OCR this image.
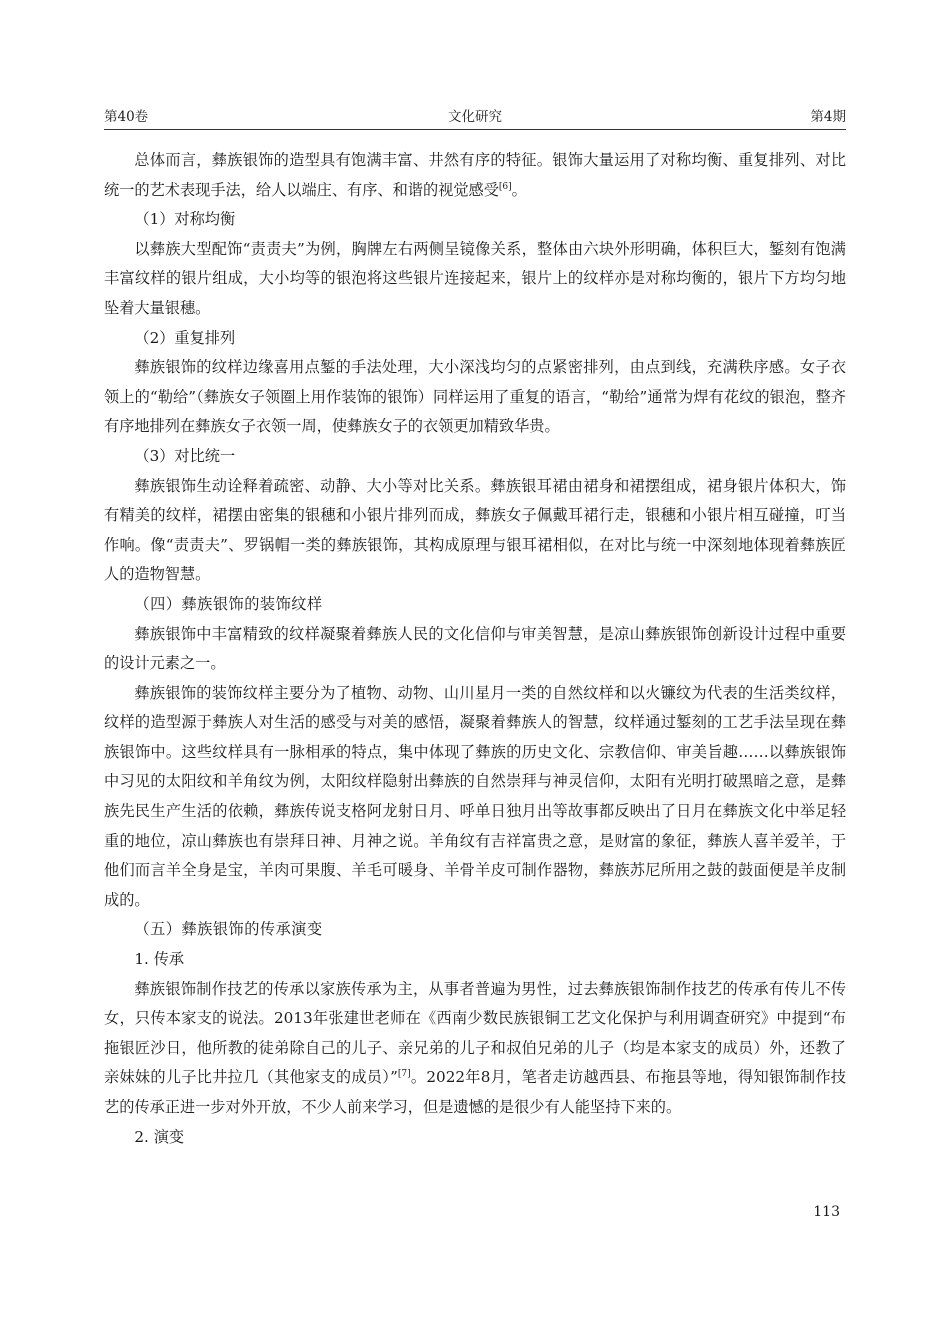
第40卷	文化研究	第4期

总体而言，彝族银饰的造型具有饱满丰富、井然有序的特征。银饰大量运用了对称均衡、重复排列、对比统一的艺术表现手法，给人以端庄、有序、和谐的视觉感受[6]。

（1）对称均衡

以彝族大型配饰“责责夫”为例，胸牌左右两侧呈镜像关系，整体由六块外形明确，体积巨大，錾刻有饱满丰富纹样的银片组成，大小均等的银泡将这些银片连接起来，银片上的纹样亦是对称均衡的，银片下方均匀地坠着大量银穗。

（2）重复排列

彝族银饰的纹样边缘喜用点錾的手法处理，大小深浅均匀的点紧密排列，由点到线，充满秩序感。女子衣领上的“勒给”（彝族女子领圈上用作装饰的银饰）同样运用了重复的语言，“勒给”通常为焊有花纹的银泡，整齐有序地排列在彝族女子衣领一周，使彝族女子的衣领更加精致华贵。

（3）对比统一

彝族银饰生动诠释着疏密、动静、大小等对比关系。彝族银耳裙由裙身和裙摆组成，裙身银片体积大，饰有精美的纹样，裙摆由密集的银穗和小银片排列而成，彝族女子佩戴耳裙行走，银穗和小银片相互碰撞，叮当作响。像“责责夫”、罗锅帽一类的彝族银饰，其构成原理与银耳裙相似，在对比与统一中深刻地体现着彝族匠人的造物智慧。

（四）彝族银饰的装饰纹样

彝族银饰中丰富精致的纹样凝聚着彝族人民的文化信仰与审美智慧，是凉山彝族银饰创新设计过程中重要的设计元素之一。

彝族银饰的装饰纹样主要分为了植物、动物、山川星月一类的自然纹样和以火镰纹为代表的生活类纹样，纹样的造型源于彝族人对生活的感受与对美的感悟，凝聚着彝族人的智慧，纹样通过錾刻的工艺手法呈现在彝族银饰中。这些纹样具有一脉相承的特点，集中体现了彝族的历史文化、宗教信仰、审美旨趣……以彝族银饰中习见的太阳纹和羊角纹为例，太阳纹样隐射出彝族的自然崇拜与神灵信仰，太阳有光明打破黑暗之意，是彝族先民生产生活的依赖，彝族传说支格阿龙射日月、呼单日独月出等故事都反映出了日月在彝族文化中举足轻重的地位，凉山彝族也有崇拜日神、月神之说。羊角纹有吉祥富贵之意，是财富的象征，彝族人喜羊爱羊，于他们而言羊全身是宝，羊肉可果腹、羊毛可暖身、羊骨羊皮可制作器物，彝族苏尼所用之鼓的鼓面便是羊皮制成的。

（五）彝族银饰的传承演变

1. 传承

彝族银饰制作技艺的传承以家族传承为主，从事者普遍为男性，过去彝族银饰制作技艺的传承有传儿不传女，只传本家支的说法。2013年张建世老师在《西南少数民族银铜工艺文化保护与利用调查研究》中提到“布拖银匠沙日，他所教的徒弟除自己的儿子、亲兄弟的儿子和叔伯兄弟的儿子（均是本家支的成员）外，还教了亲妹妹的儿子比井拉几（其他家支的成员）”[7]。2022年8月，笔者走访越西县、布拖县等地，得知银饰制作技艺的传承正进一步对外开放，不少人前来学习，但是遗憾的是很少有人能坚持下来的。

2. 演变

113
